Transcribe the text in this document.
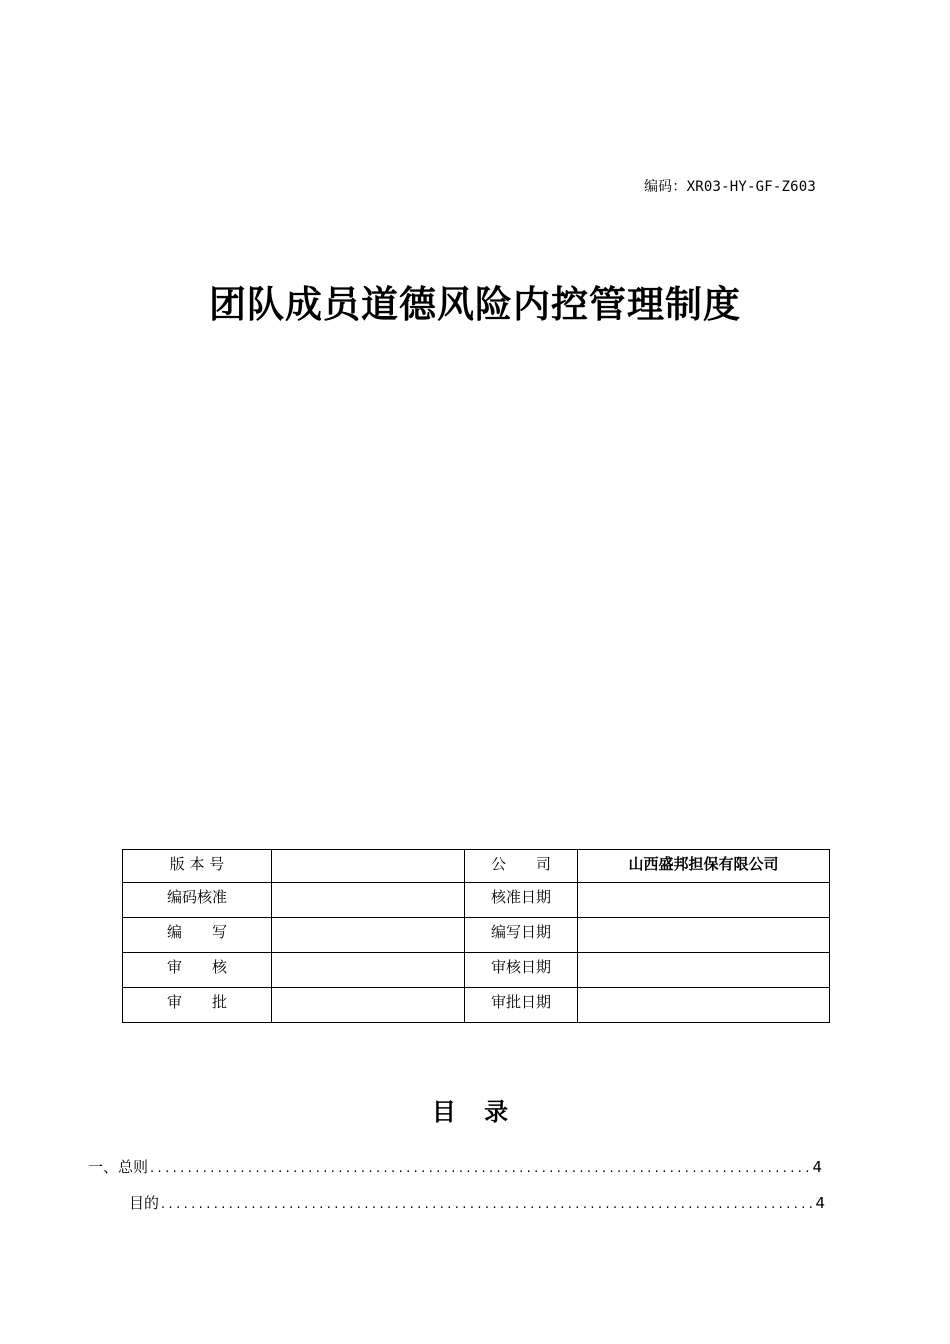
编码：XR03-HY-GF-Z603
团队成员道德风险内控管理制度
版 本 号		公　　司	山西盛邦担保有限公司

编码核准		核准日期	

编　　写		编写日期	

审　　核		审核日期	

审　　批		审批日期	

目 录
一、总则 .....	4
目的 .....	4
